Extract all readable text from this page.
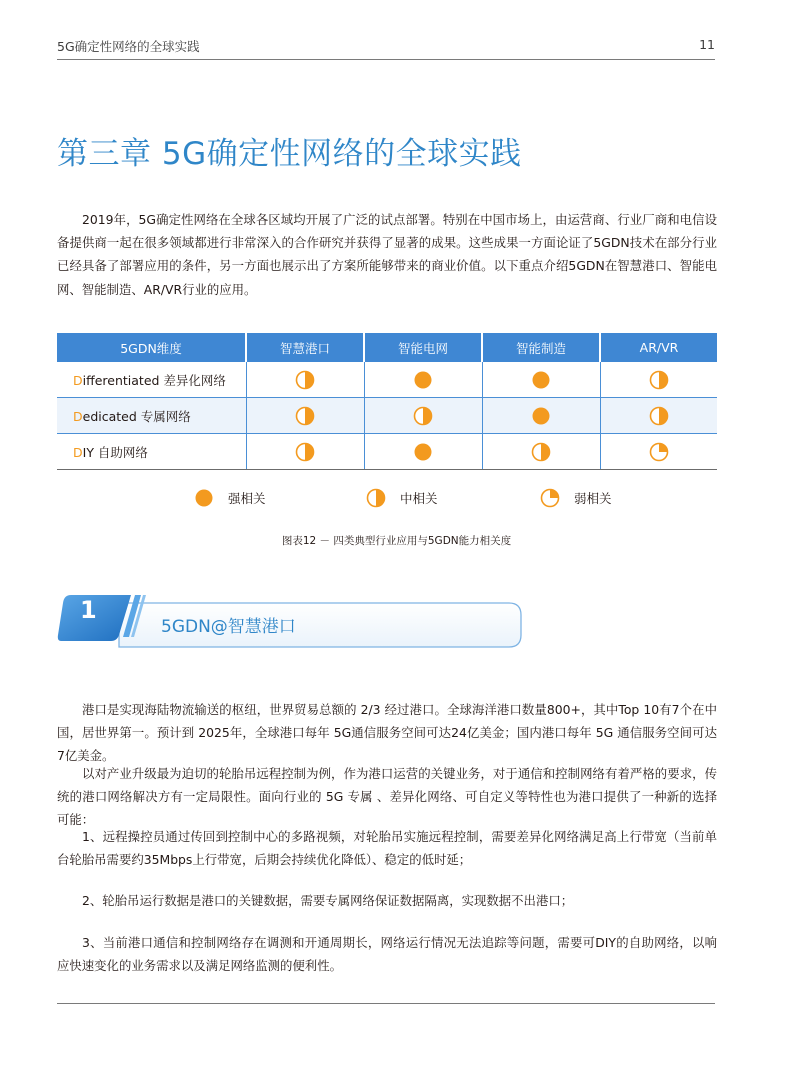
5G确定性网络的全球实践	11
第三章 5G确定性网络的全球实践

2019年，5G确定性网络在全球各区域均开展了广泛的试点部署。特别在中国市场上，由运营商、行业厂商和电信设备提供商一起在很多领域都进行非常深入的合作研究并获得了显著的成果。这些成果一方面论证了5GDN技术在部分行业已经具备了部署应用的条件，另一方面也展示出了方案所能够带来的商业价值。以下重点介绍5GDN在智慧港口、智能电网、智能制造、AR/VR行业的应用。

5GDN维度	智慧港口	智能电网	智能制造	AR/VR
Differentiated 差异化网络				
Dedicated 专属网络				
DIY 自助网络				
强相关	中相关	弱相关
图表12 － 四类典型行业应用与5GDN能力相关度
1
5GDN@智慧港口

港口是实现海陆物流输送的枢纽，世界贸易总额的 2/3 经过港口。全球海洋港口数量800+，其中Top 10有7个在中国，居世界第一。预计到 2025年，全球港口每年 5G通信服务空间可达24亿美金；国内港口每年 5G 通信服务空间可达 7亿美金。

以对产业升级最为迫切的轮胎吊远程控制为例，作为港口运营的关键业务，对于通信和控制网络有着严格的要求，传统的港口网络解决方有一定局限性。面向行业的 5G 专属 、差异化网络、可自定义等特性也为港口提供了一种新的选择可能：

1、远程操控员通过传回到控制中心的多路视频，对轮胎吊实施远程控制，需要差异化网络满足高上行带宽（当前单台轮胎吊需要约35Mbps上行带宽，后期会持续优化降低）、稳定的低时延；

2、轮胎吊运行数据是港口的关键数据，需要专属网络保证数据隔离，实现数据不出港口；

3、当前港口通信和控制网络存在调测和开通周期长，网络运行情况无法追踪等问题，需要可DIY的自助网络，以响应快速变化的业务需求以及满足网络监测的便利性。
